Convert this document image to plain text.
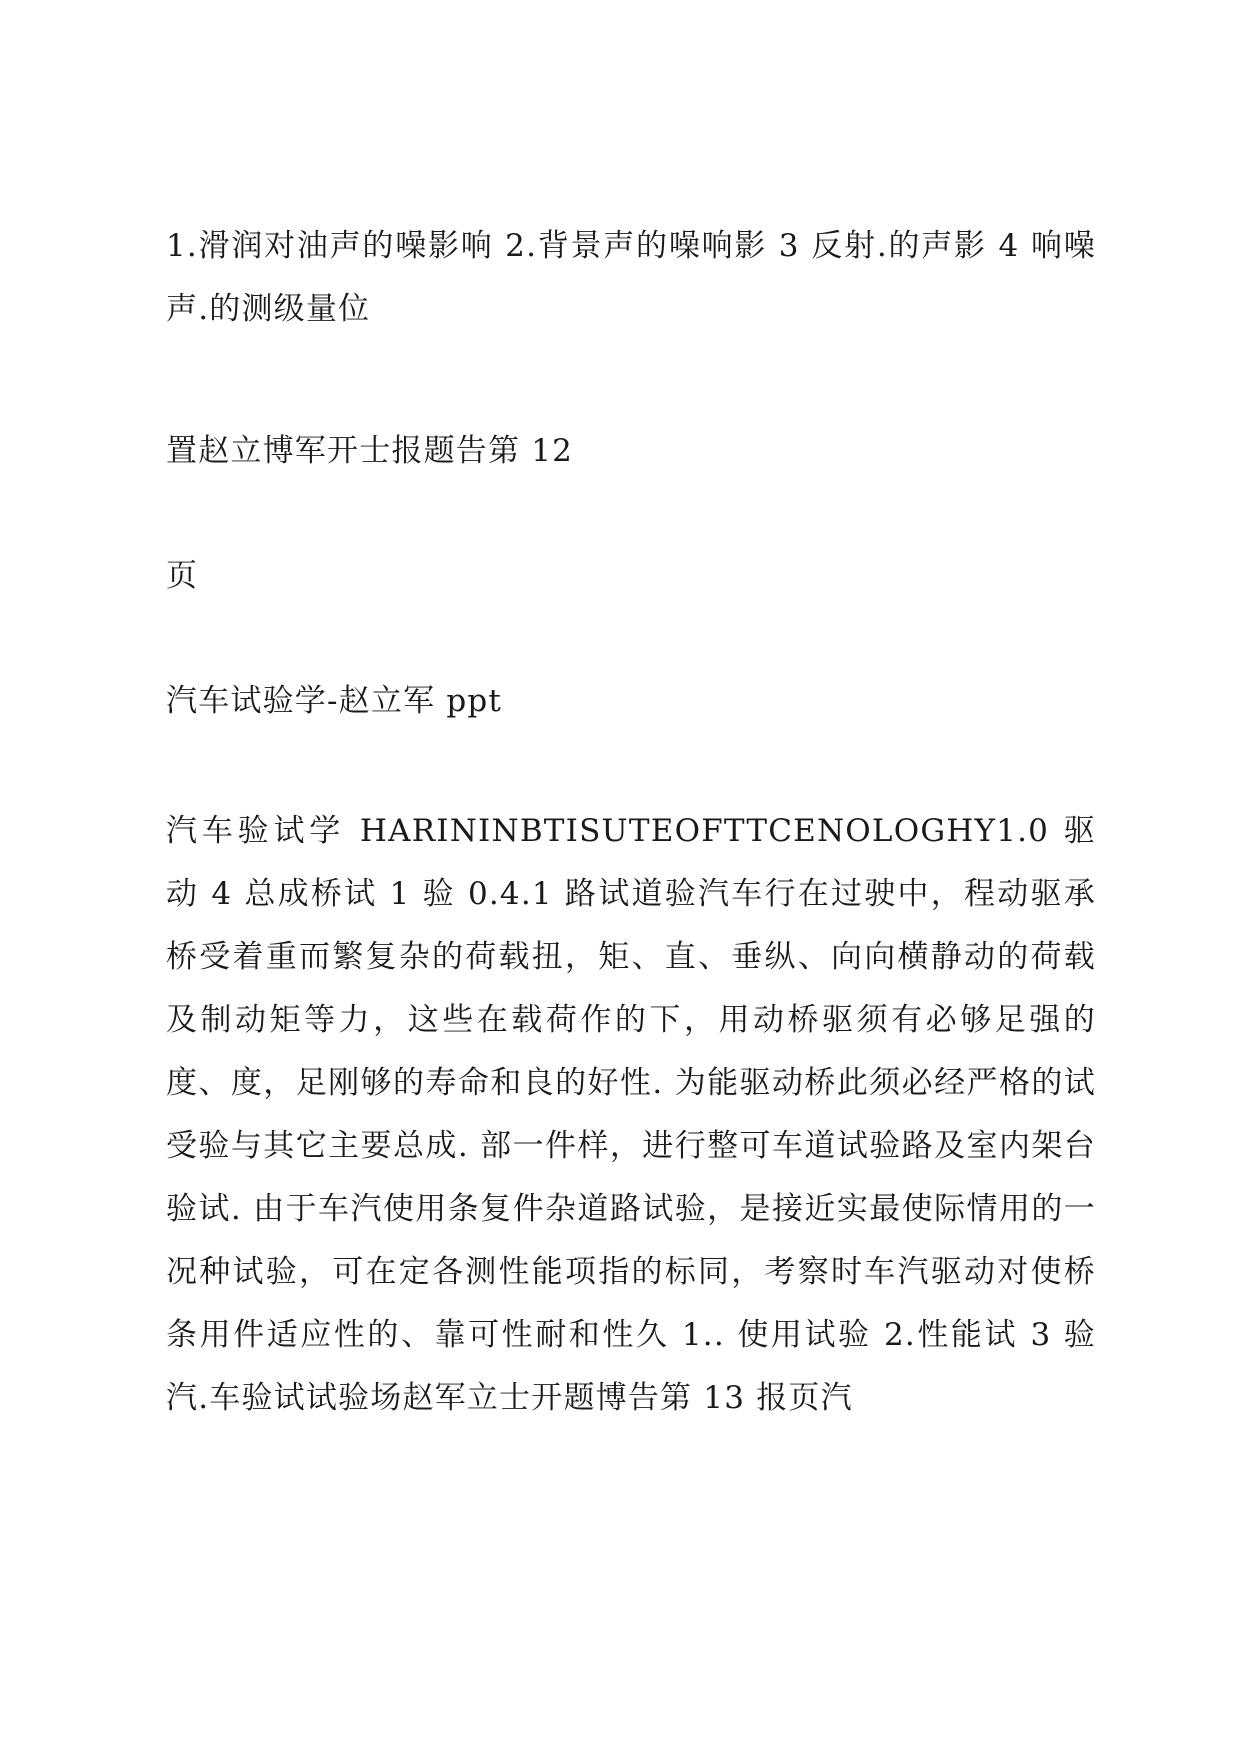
1.滑润对油声的噪影响 2.背景声的噪响影 3 反射.的声影 4 响噪声.的测级量位

置赵立博军开士报题告第 12

页

汽车试验学-赵立军 ppt

汽车验试学 HARININBTISUTEOFTTCENOLOGHY1.0 驱动 4 总成桥试 1 验 0.4.1 路试道验汽车行在过驶中，程动驱承桥受着重而繁复杂的荷载扭，矩、直、垂纵、向向横静动的荷载及制动矩等力，这些在载荷作的下，用动桥驱须有必够足强的度、度，足刚够的寿命和良的好性. 为能驱动桥此须必经严格的试受验与其它主要总成. 部一件样，进行整可车道试验路及室内架台验试. 由于车汽使用条复件杂道路试验，是接近实最使际情用的一况种试验，可在定各测性能项指的标同，考察时车汽驱动对使桥条用件适应性的、靠可性耐和性久 1.. 使用试验 2.性能试 3 验汽.车验试试验场赵军立士开题博告第 13 报页汽
